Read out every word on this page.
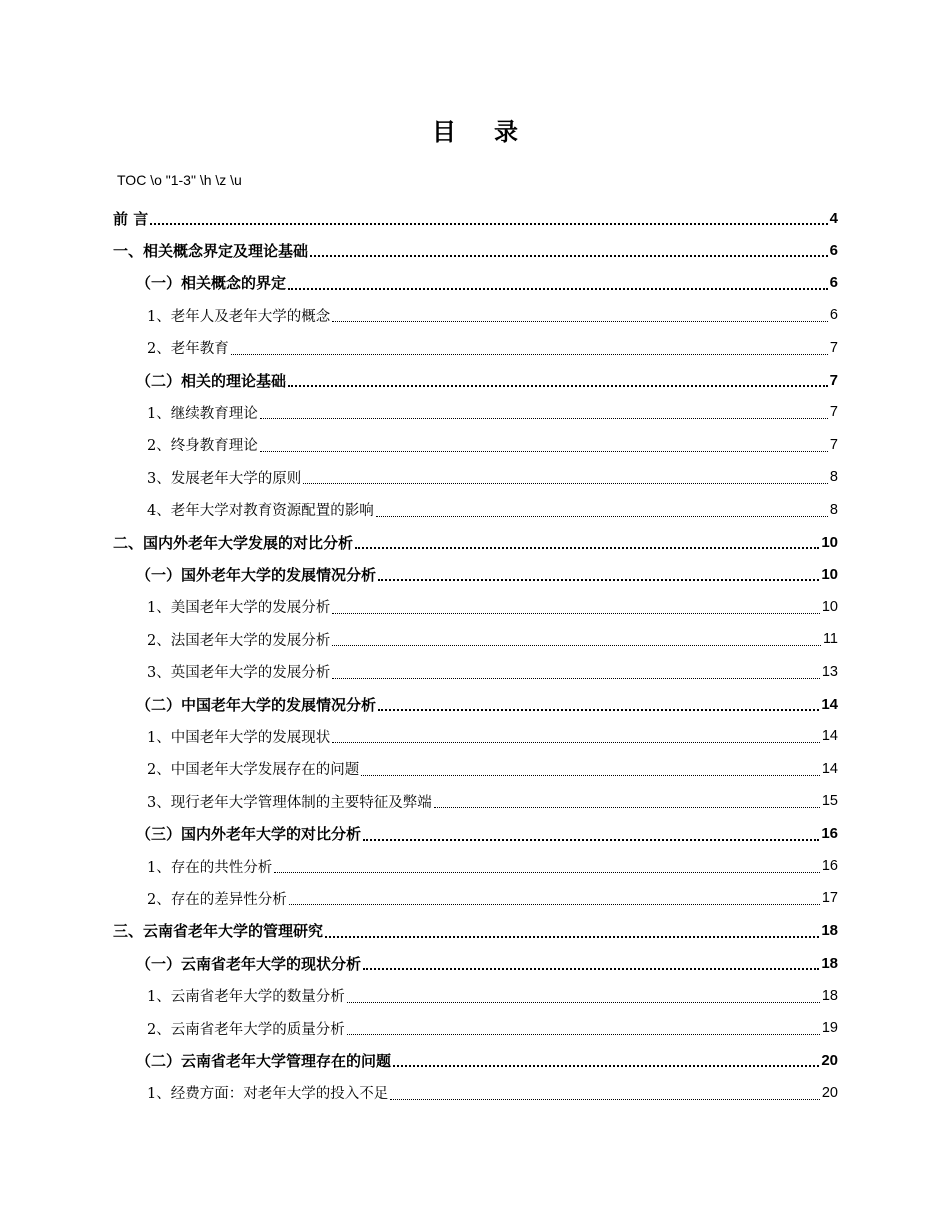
目 录
TOC \o "1-3" \h \z \u
前 言	4
一、相关概念界定及理论基础	6
（一）相关概念的界定	6
1、老年人及老年大学的概念	6
2、老年教育	7
（二）相关的理论基础	7
1、继续教育理论	7
2、终身教育理论	7
3、发展老年大学的原则	8
4、老年大学对教育资源配置的影响	8
二、国内外老年大学发展的对比分析	10
（一）国外老年大学的发展情况分析	10
1、美国老年大学的发展分析	10
2、法国老年大学的发展分析	11
3、英国老年大学的发展分析	13
（二）中国老年大学的发展情况分析	14
1、中国老年大学的发展现状	14
2、中国老年大学发展存在的问题	14
3、现行老年大学管理体制的主要特征及弊端	15
（三）国内外老年大学的对比分析	16
1、存在的共性分析	16
2、存在的差异性分析	17
三、云南省老年大学的管理研究	18
（一）云南省老年大学的现状分析	18
1、云南省老年大学的数量分析	18
2、云南省老年大学的质量分析	19
（二）云南省老年大学管理存在的问题	20
1、经费方面：对老年大学的投入不足	20
